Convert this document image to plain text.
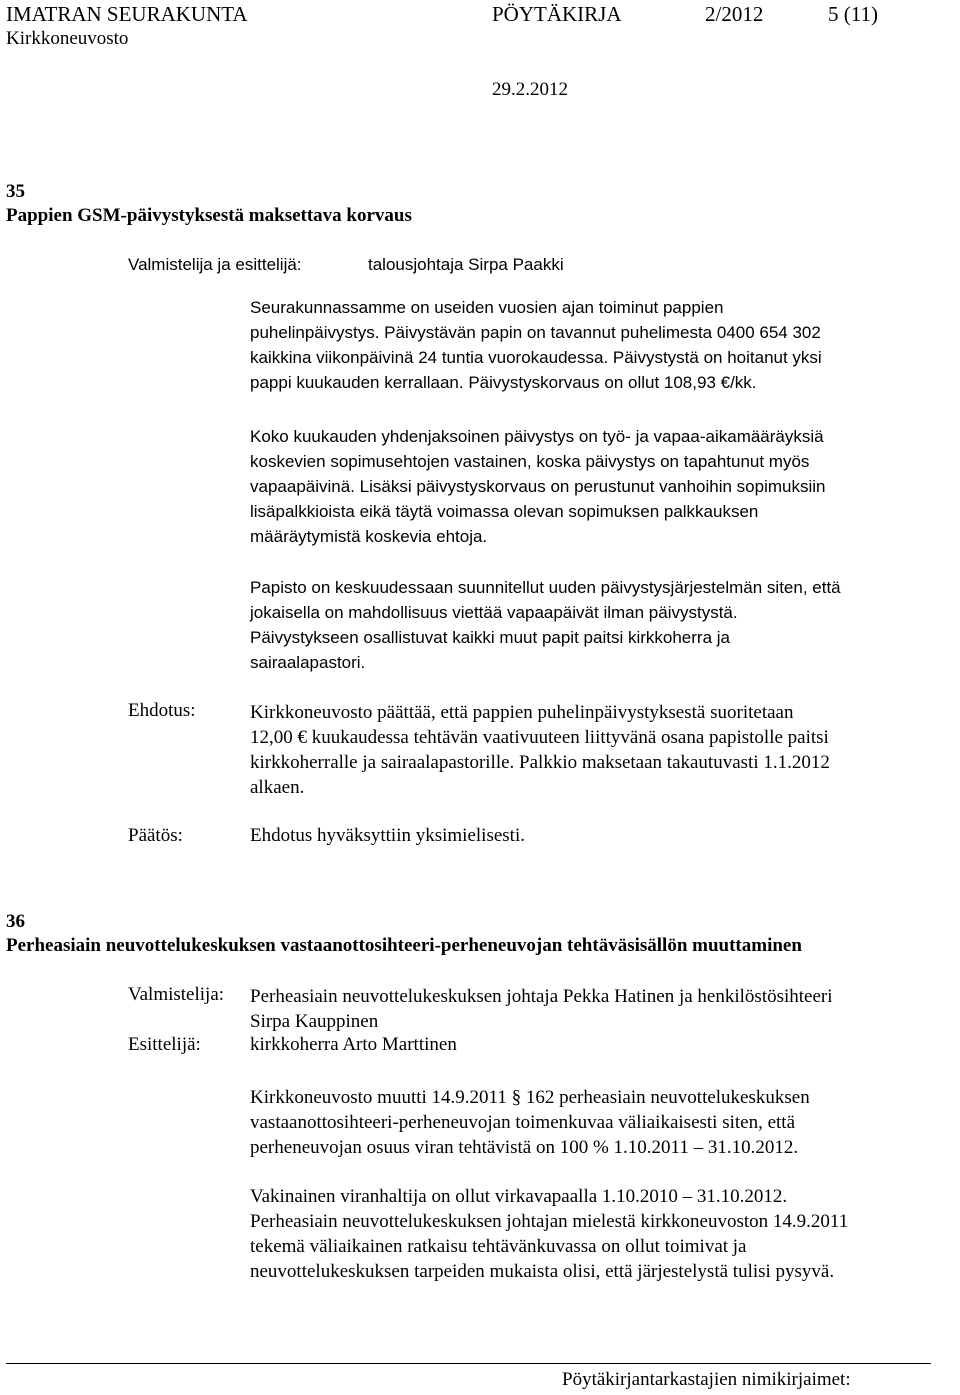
IMATRAN SEURAKUNTA	PÖYTÄKIRJA	2/2012	5 (11)
Kirkkoneuvosto
29.2.2012
35
Pappien GSM-päivystyksestä maksettava korvaus
Valmistelija ja esittelijä:	talousjohtaja Sirpa Paakki
Seurakunnassamme on useiden vuosien ajan toiminut pappien
puhelinpäivystys. Päivystävän papin on tavannut puhelimesta 0400 654 302
kaikkina viikonpäivinä 24 tuntia vuorokaudessa. Päivystystä on hoitanut yksi
pappi kuukauden kerrallaan. Päivystyskorvaus on ollut 108,93 €/kk.
Koko kuukauden yhdenjaksoinen päivystys on työ- ja vapaa-aikamääräyksiä
koskevien sopimusehtojen vastainen, koska päivystys on tapahtunut myös
vapaapäivinä. Lisäksi päivystyskorvaus on perustunut vanhoihin sopimuksiin
lisäpalkkioista eikä täytä voimassa olevan sopimuksen palkkauksen
määräytymistä koskevia ehtoja.
Papisto on keskuudessaan suunnitellut uuden päivystysjärjestelmän siten, että
jokaisella on mahdollisuus viettää vapaapäivät ilman päivystystä.
Päivystykseen osallistuvat kaikki muut papit paitsi kirkkoherra ja
sairaalapastori.
Ehdotus:	Kirkkoneuvosto päättää, että pappien puhelinpäivystyksestä suoritetaan
12,00 € kuukaudessa tehtävän vaativuuteen liittyvänä osana papistolle paitsi
kirkkoherralle ja sairaalapastorille. Palkkio maksetaan takautuvasti 1.1.2012
alkaen.
Päätös:	Ehdotus hyväksyttiin yksimielisesti.
36
Perheasiain neuvottelukeskuksen vastaanottosihteeri-perheneuvojan tehtäväsisällön muuttaminen
Valmistelija: Perheasiain neuvottelukeskuksen johtaja Pekka Hatinen ja henkilöstösihteeri
Sirpa Kauppinen
Esittelijä:	kirkkoherra Arto Marttinen
Kirkkoneuvosto muutti 14.9.2011 § 162 perheasiain neuvottelukeskuksen
vastaanottosihteeri-perheneuvojan toimenkuvaa väliaikaisesti siten, että
perheneuvojan osuus viran tehtävistä on 100 % 1.10.2011 – 31.10.2012.
Vakinainen viranhaltija on ollut virkavapaalla 1.10.2010 – 31.10.2012.
Perheasiain neuvottelukeskuksen johtajan mielestä kirkkoneuvoston 14.9.2011
tekemä väliaikainen ratkaisu tehtävänkuvassa on ollut toimivat ja
neuvottelukeskuksen tarpeiden mukaista olisi, että järjestelystä tulisi pysyvä.
Pöytäkirjantarkastajien nimikirjaimet:
